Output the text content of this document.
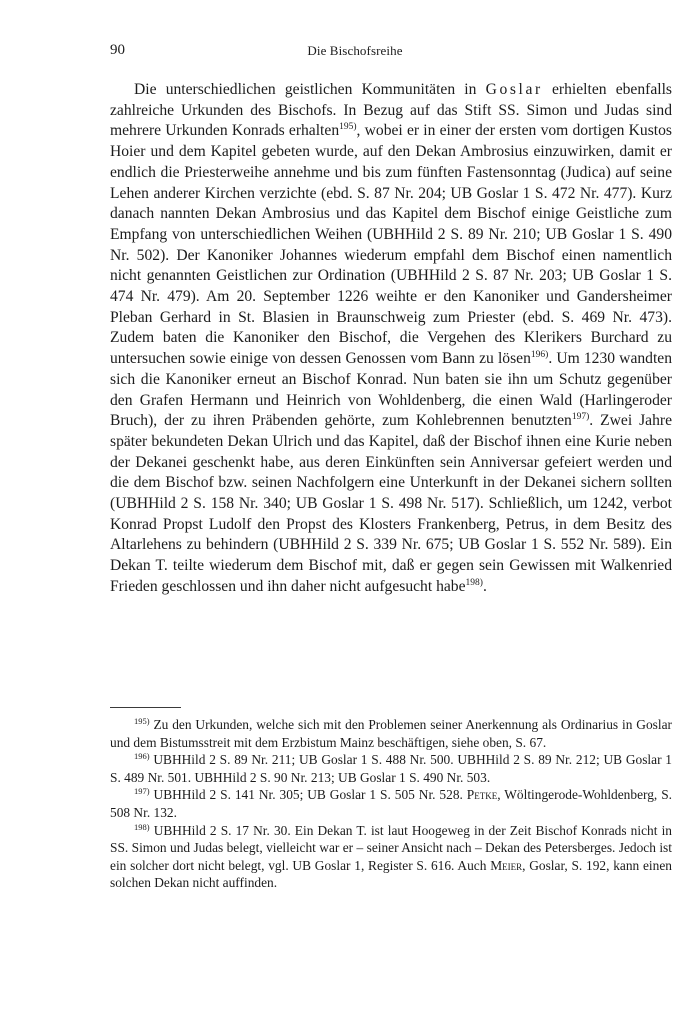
90	Die Bischofsreihe

Die unterschiedlichen geistlichen Kommunitäten in Goslar erhielten ebenfalls zahlreiche Urkunden des Bischofs. In Bezug auf das Stift SS. Simon und Judas sind mehrere Urkunden Konrads erhalten$^{195)}$, wobei er in einer der ersten vom dortigen Kustos Hoier und dem Kapitel gebeten wurde, auf den Dekan Ambrosius einzuwirken, damit er endlich die Priesterweihe annehme und bis zum fünften Fastensonntag (Judica) auf seine Lehen anderer Kirchen verzichte (ebd. S. 87 Nr. 204; UB Goslar 1 S. 472 Nr. 477). Kurz danach nannten Dekan Ambrosius und das Kapitel dem Bischof einige Geistliche zum Empfang von unterschiedlichen Weihen (UBHHild 2 S. 89 Nr. 210; UB Goslar 1 S. 490 Nr. 502). Der Kanoniker Johannes wiederum empfahl dem Bischof einen namentlich nicht genannten Geistlichen zur Ordination (UBHHild 2 S. 87 Nr. 203; UB Goslar 1 S. 474 Nr. 479). Am 20. September 1226 weihte er den Kanoniker und Gandersheimer Pleban Gerhard in St. Blasien in Braunschweig zum Priester (ebd. S. 469 Nr. 473). Zudem baten die Kanoniker den Bischof, die Vergehen des Klerikers Burchard zu untersuchen sowie einige von dessen Genossen vom Bann zu lösen$^{196)}$. Um 1230 wandten sich die Kanoniker erneut an Bischof Konrad. Nun baten sie ihn um Schutz gegenüber den Grafen Hermann und Heinrich von Wohldenberg, die einen Wald (Harlingeroder Bruch), der zu ihren Präbenden gehörte, zum Kohlebrennen benutzten$^{197)}$. Zwei Jahre später bekundeten Dekan Ulrich und das Kapitel, daß der Bischof ihnen eine Kurie neben der Dekanei geschenkt habe, aus deren Einkünften sein Anniversar gefeiert werden und die dem Bischof bzw. seinen Nachfolgern eine Unterkunft in der Dekanei sichern sollten (UBHHild 2 S. 158 Nr. 340; UB Goslar 1 S. 498 Nr. 517). Schließlich, um 1242, verbot Konrad Propst Ludolf den Propst des Klosters Frankenberg, Petrus, in dem Besitz des Altarlehens zu behindern (UBHHild 2 S. 339 Nr. 675; UB Goslar 1 S. 552 Nr. 589). Ein Dekan T. teilte wiederum dem Bischof mit, daß er gegen sein Gewissen mit Walkenried Frieden geschlossen und ihn daher nicht aufgesucht habe$^{198)}$.

$^{195)}$ Zu den Urkunden, welche sich mit den Problemen seiner Anerkennung als Ordinarius in Goslar und dem Bistumsstreit mit dem Erzbistum Mainz beschäftigen, siehe oben, S. 67.

$^{196)}$ UBHHild 2 S. 89 Nr. 211; UB Goslar 1 S. 488 Nr. 500. UBHHild 2 S. 89 Nr. 212; UB Goslar 1 S. 489 Nr. 501. UBHHild 2 S. 90 Nr. 213; UB Goslar 1 S. 490 Nr. 503.

$^{197)}$ UBHHild 2 S. 141 Nr. 305; UB Goslar 1 S. 505 Nr. 528. Petke, Wöltingerode-Wohldenberg, S. 508 Nr. 132.

$^{198)}$ UBHHild 2 S. 17 Nr. 30. Ein Dekan T. ist laut Hoogeweg in der Zeit Bischof Konrads nicht in SS. Simon und Judas belegt, vielleicht war er – seiner Ansicht nach – Dekan des Petersberges. Jedoch ist ein solcher dort nicht belegt, vgl. UB Goslar 1, Register S. 616. Auch Meier, Goslar, S. 192, kann einen solchen Dekan nicht auffinden.
